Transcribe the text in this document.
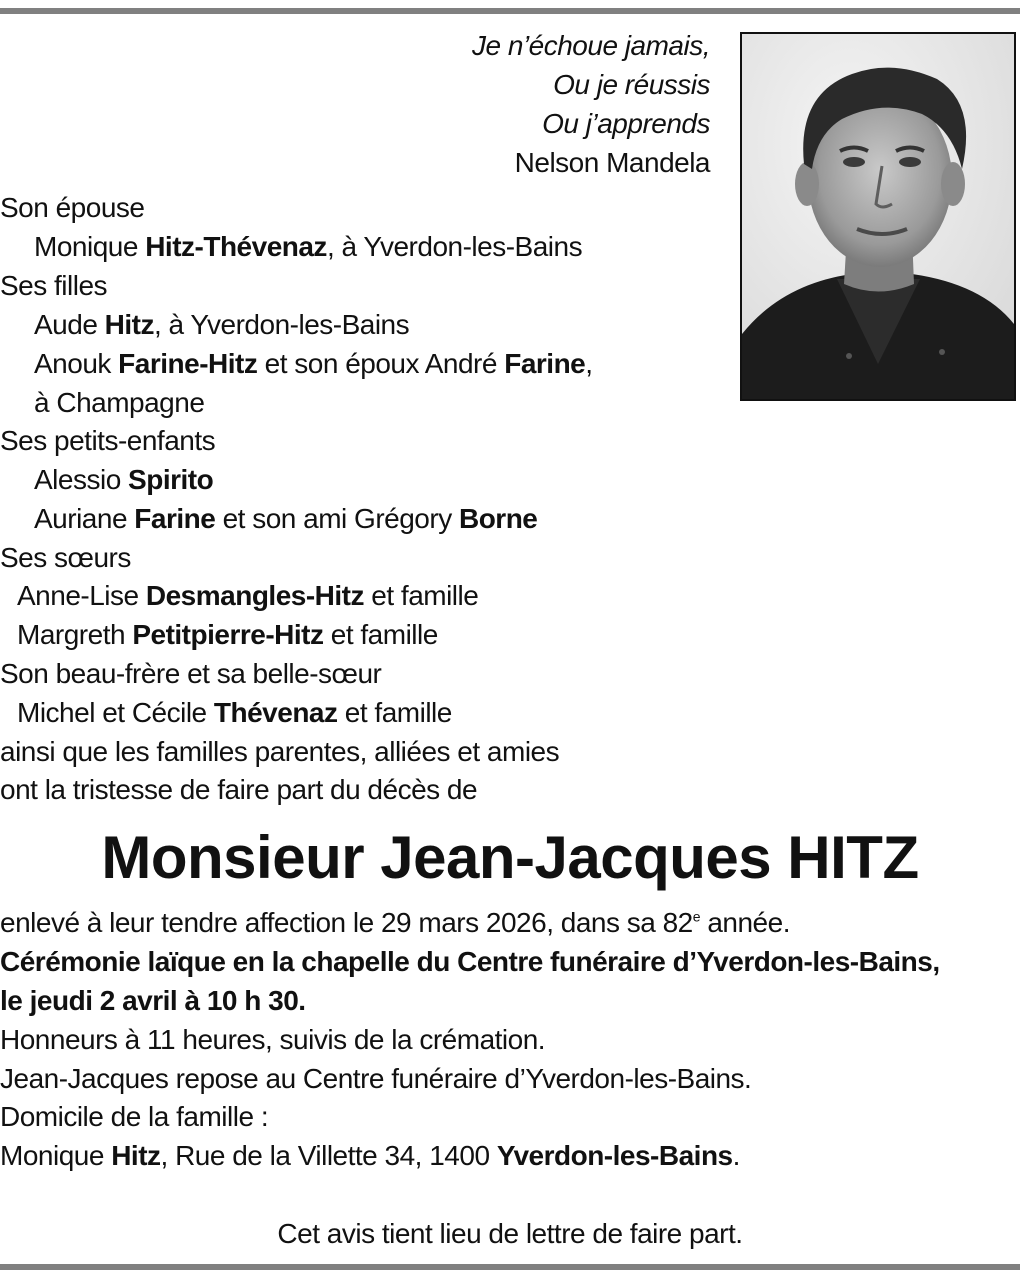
Je n’échoue jamais,
Ou je réussis
Ou j’apprends
Nelson Mandela
Son épouse
Monique Hitz-Thévenaz, à Yverdon-les-Bains
Ses filles
Aude Hitz, à Yverdon-les-Bains
Anouk Farine-Hitz et son époux André Farine,
à Champagne
Ses petits-enfants
Alessio Spirito
Auriane Farine et son ami Grégory Borne
Ses sœurs
Anne-Lise Desmangles-Hitz et famille
Margreth Petitpierre-Hitz et famille
Son beau-frère et sa belle-sœur
Michel et Cécile Thévenaz et famille
ainsi que les familles parentes, alliées et amies
ont la tristesse de faire part du décès de
Monsieur Jean-Jacques HITZ
enlevé à leur tendre affection le 29 mars 2026, dans sa 82e année.
Cérémonie laïque en la chapelle du Centre funéraire d’Yverdon-les-Bains,
le jeudi 2 avril à 10 h 30.
Honneurs à 11 heures, suivis de la crémation.
Jean-Jacques repose au Centre funéraire d’Yverdon-les-Bains.
Domicile de la famille :
Monique Hitz, Rue de la Villette 34, 1400 Yverdon-les-Bains.
Cet avis tient lieu de lettre de faire part.
